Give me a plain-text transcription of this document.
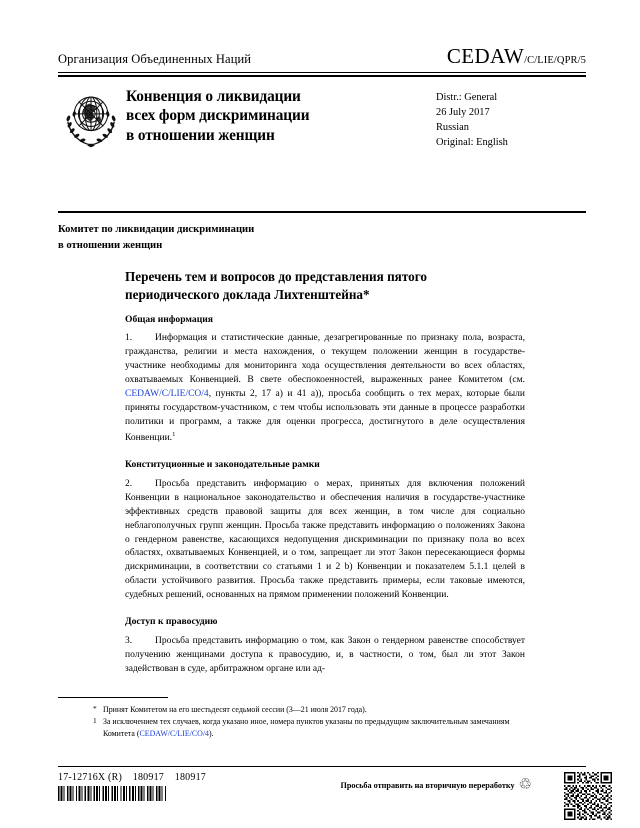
Организация Объединенных Наций	CEDAW /C/LIE/QPR/5
Конвенция о ликвидации
всех форм дискриминации
в отношении женщин
Distr.: General
26 July 2017
Russian
Original: English
Комитет по ликвидации дискриминации
в отношении женщин
Перечень тем и вопросов до представления пятого
периодического доклада Лихтенштейна*
Общая информация

1. Информация и статистические данные, дезагрегированные по признаку пола, возраста, гражданства, религии и места нахождения, о текущем положении женщин в государстве-участнике необходимы для мониторинга хода осуществления деятельности во всех областях, охватываемых Конвенцией. В свете обеспокоенностей, выраженных ранее Комитетом (см. CEDAW/C/LIE/CO/4, пункты 2, 17 a) и 41 a)), просьба сообщить о тех мерах, которые были приняты государством-участником, с тем чтобы использовать эти данные в процессе разработки политики и программ, а также для оценки прогресса, достигнутого в деле осуществления Конвенции.$^1$

Конституционные и законодательные рамки

2. Просьба представить информацию о мерах, принятых для включения положений Конвенции в национальное законодательство и обеспечения наличия в государстве-участнике эффективных средств правовой защиты для всех женщин, в том числе для социально неблагополучных групп женщин. Просьба также представить информацию о положениях Закона о гендерном равенстве, касающихся недопущения дискриминации по признаку пола во всех областях, охватываемых Конвенцией, и о том, запрещает ли этот Закон пересекающиеся формы дискриминации, в соответствии со статьями 1 и 2 b) Конвенции и показателем 5.1.1 целей в области устойчивого развития. Просьба также представить примеры, если таковые имеются, судебных решений, основанных на прямом применении положений Конвенции.

Доступ к правосудию

3. Просьба представить информацию о том, как Закон о гендерном равенстве способствует получению женщинами доступа к правосудию, и, в частности, о том, был ли этот Закон задействован в суде, арбитражном органе или ад-

* Принят Комитетом на его шестьдесят седьмой сессии (3—21 июля 2017 года).
1 За исключением тех случаев, когда указано иное, номера пунктов указаны по предыдущим заключительным замечаниям Комитета (CEDAW/C/LIE/CO/4).
17-12716X (R)    180917    180917
Просьба отправить на вторичную переработку ♲
